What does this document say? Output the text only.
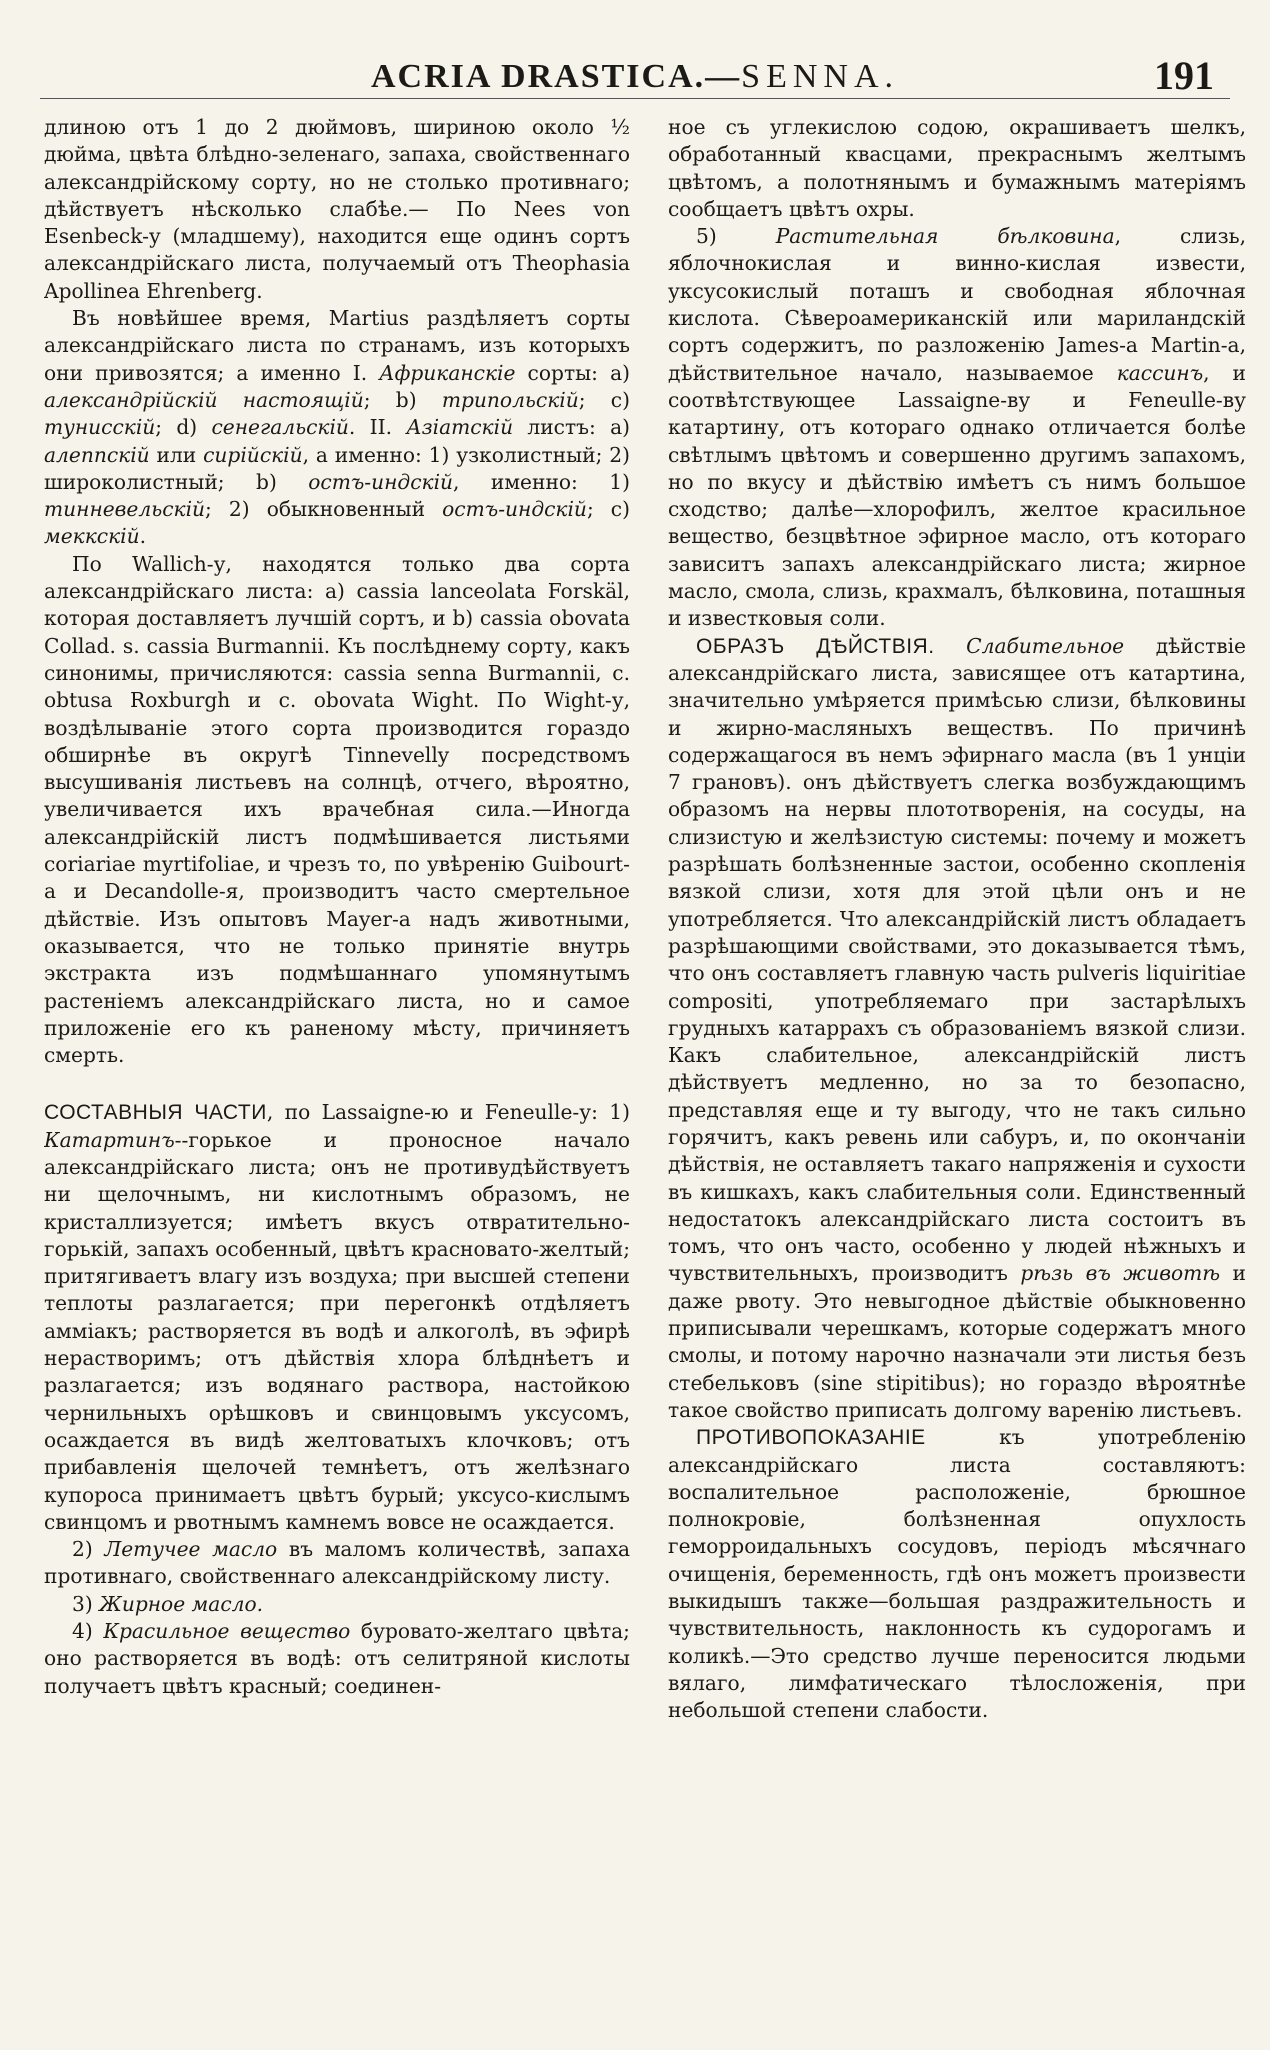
ACRIA DRASTICA.—SENNA.	191

длиною отъ 1 до 2 дюймовъ, шириною около ½ дюйма, цвѣта блѣдно-зеленаго, запаха, свойственнаго александрійскому сорту, но не столько противнаго; дѣйствуетъ нѣсколько слабѣе.— По Nees von Esenbeck-у (младшему), находится еще одинъ сортъ александрійскаго листа, получаемый отъ Theophasia Apollinea Ehrenberg.

Въ новѣйшее время, Martius раздѣляетъ сорты александрійскаго листа по странамъ, изъ которыхъ они привозятся; а именно I. Африканскіе сорты: a) александрійскій настоящій; b) трипольскій; c) тунисскій; d) сенегальскій. II. Азіатскій листъ: a) алеппскій или сирійскій, а именно: 1) узколистный; 2) широколистный; b) остъ-индскій, именно: 1) тинневельскій; 2) обыкновенный остъ-индскій; c) меккскій.

По Wallich-у, находятся только два сорта александрійскаго листа: a) cassia lanceolata Forskäl, которая доставляетъ лучшій сортъ, и b) cassia obovata Collad. s. cassia Burmannii. Къ послѣднему сорту, какъ синонимы, причисляются: cassia senna Burmannii, c. obtusa Roxburgh и c. obovata Wight. По Wight-у, воздѣлываніе этого сорта производится гораздо обширнѣе въ округѣ Tinnevelly посредствомъ высушиванія листьевъ на солнцѣ, отчего, вѣроятно, увеличивается ихъ врачебная сила.—Иногда александрійскій листъ подмѣшивается листьями coriariae myrtifoliae, и чрезъ то, по увѣренію Guibourt-а и Decandolle-я, производитъ часто смертельное дѣйствіе. Изъ опытовъ Mayer-а надъ животными, оказывается, что не только принятіе внутрь экстракта изъ подмѣшаннаго упомянутымъ растеніемъ александрійскаго листа, но и самое приложеніе его къ раненому мѣсту, причиняетъ смерть.

СОСТАВНЫЯ ЧАСТИ, по Lassaigne-ю и Feneulle-у: 1) Катартинъ--горькое и проносное начало александрійскаго листа; онъ не противудѣйствуетъ ни щелочнымъ, ни кислотнымъ образомъ, не кристаллизуется; имѣетъ вкусъ отвратительно-горькій, запахъ особенный, цвѣтъ красновато-желтый; притягиваетъ влагу изъ воздуха; при высшей степени теплоты разлагается; при перегонкѣ отдѣляетъ амміакъ; растворяется въ водѣ и алкоголѣ, въ эфирѣ нерастворимъ; отъ дѣйствія хлора блѣднѣетъ и разлагается; изъ водянаго раствора, настойкою чернильныхъ орѣшковъ и свинцовымъ уксусомъ, осаждается въ видѣ желтоватыхъ клочковъ; отъ прибавленія щелочей темнѣетъ, отъ желѣзнаго купороса принимаетъ цвѣтъ бурый; уксусо-кислымъ свинцомъ и рвотнымъ камнемъ вовсе не осаждается.

2) Летучее масло въ маломъ количествѣ, запаха противнаго, свойственнаго александрійскому листу.

3) Жирное масло.

4) Красильное вещество буровато-желтаго цвѣта; оно растворяется въ водѣ: отъ селитряной кислоты получаетъ цвѣтъ красный; соединен-

ное съ углекислою содою, окрашиваетъ шелкъ, обработанный квасцами, прекраснымъ желтымъ цвѣтомъ, а полотнянымъ и бумажнымъ матеріямъ сообщаетъ цвѣтъ охры.

5) Растительная бѣлковина, слизь, яблочнокислая и винно-кислая извести, уксусокислый поташъ и свободная яблочная кислота. Сѣвероамериканскій или мариландскій сортъ содержитъ, по разложенію James-а Martin-а, дѣйствительное начало, называемое кассинъ, и соотвѣтствующее Lassaigne-ву и Feneulle-ву катартину, отъ котораго однако отличается болѣе свѣтлымъ цвѣтомъ и совершенно другимъ запахомъ, но по вкусу и дѣйствію имѣетъ съ нимъ большое сходство; далѣе—хлорофилъ, желтое красильное вещество, безцвѣтное эфирное масло, отъ котораго зависитъ запахъ александрійскаго листа; жирное масло, смола, слизь, крахмалъ, бѣлковина, поташныя и известковыя соли.

ОБРАЗЪ ДѢЙСТВІЯ. Слабительное дѣйствіе александрійскаго листа, зависящее отъ катартина, значительно умѣряется примѣсью слизи, бѣлковины и жирно-масляныхъ веществъ. По причинѣ содержащагося въ немъ эфирнаго масла (въ 1 унціи 7 грановъ). онъ дѣйствуетъ слегка возбуждающимъ образомъ на нервы плототворенія, на сосуды, на слизистую и желѣзистую системы: почему и можетъ разрѣшать болѣзненные застои, особенно скопленія вязкой слизи, хотя для этой цѣли онъ и не употребляется. Что александрійскій листъ обладаетъ разрѣшающими свойствами, это доказывается тѣмъ, что онъ составляетъ главную часть pulveris liquiritiae compositi, употребляемаго при застарѣлыхъ грудныхъ катаррахъ съ образованіемъ вязкой слизи. Какъ слабительное, александрійскій листъ дѣйствуетъ медленно, но за то безопасно, представляя еще и ту выгоду, что не такъ сильно горячитъ, какъ ревень или сабуръ, и, по окончаніи дѣйствія, не оставляетъ такаго напряженія и сухости въ кишкахъ, какъ слабительныя соли. Единственный недостатокъ александрійскаго листа состоитъ въ томъ, что онъ часто, особенно у людей нѣжныхъ и чувствительныхъ, производитъ рѣзь въ животѣ и даже рвоту. Это невыгодное дѣйствіе обыкновенно приписывали черешкамъ, которые содержатъ много смолы, и потому нарочно назначали эти листья безъ стебельковъ (sine stipitibus); но гораздо вѣроятнѣе такое свойство приписать долгому варенію листьевъ.

ПРОТИВОПОКАЗАНІЕ къ употребленію александрійскаго листа составляютъ: воспалительное расположеніе, брюшное полнокровіе, болѣзненная опухлость геморроидальныхъ сосудовъ, періодъ мѣсячнаго очищенія, беременность, гдѣ онъ можетъ произвести выкидышъ также—большая раздражительность и чувствительность, наклонность къ судорогамъ и коликѣ.—Это средство лучше переносится людьми вялаго, лимфатическаго тѣлосложенія, при небольшой степени слабости.
